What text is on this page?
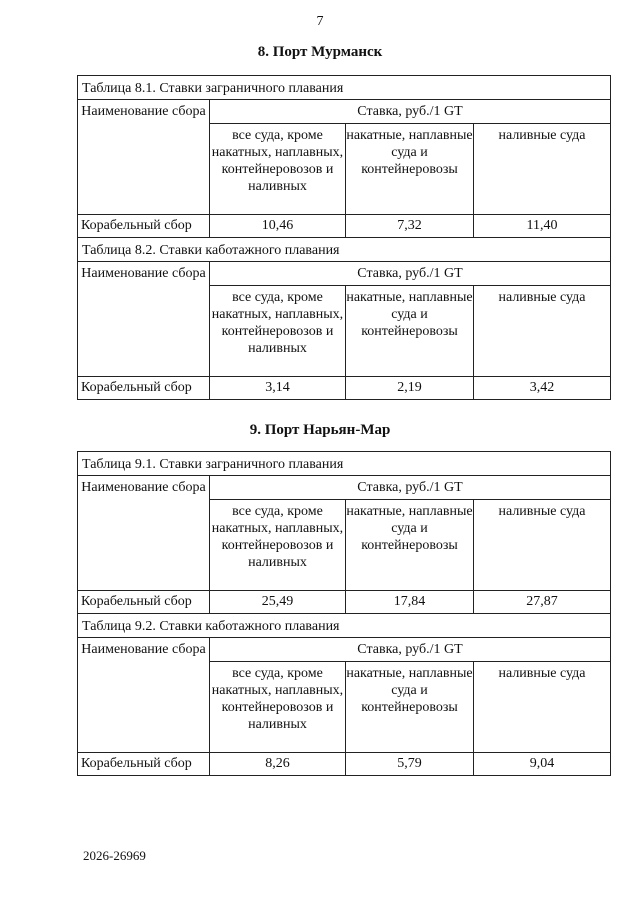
7
8. Порт Мурманск
Таблица 8.1. Ставки заграничного плавания			
Наименование сбора	Ставка, руб./1 GT		
	все суда, кроме накатных, наплавных, контейнеровозов и наливных	накатные, наплавные суда и контейнеровозы	наливные суда
Корабельный сбор	10,46	7,32	11,40
Таблица 8.2. Ставки каботажного плавания			
Наименование сбора	Ставка, руб./1 GT		
	все суда, кроме накатных, наплавных, контейнеровозов и наливных	накатные, наплавные суда и контейнеровозы	наливные суда
Корабельный сбор	3,14	2,19	3,42
9. Порт Нарьян-Мар
Таблица 9.1. Ставки заграничного плавания			
Наименование сбора	Ставка, руб./1 GT		
	все суда, кроме накатных, наплавных, контейнеровозов и наливных	накатные, наплавные суда и контейнеровозы	наливные суда
Корабельный сбор	25,49	17,84	27,87
Таблица 9.2. Ставки каботажного плавания			
Наименование сбора	Ставка, руб./1 GT		
	все суда, кроме накатных, наплавных, контейнеровозов и наливных	накатные, наплавные суда и контейнеровозы	наливные суда
Корабельный сбор	8,26	5,79	9,04
2026-26969
